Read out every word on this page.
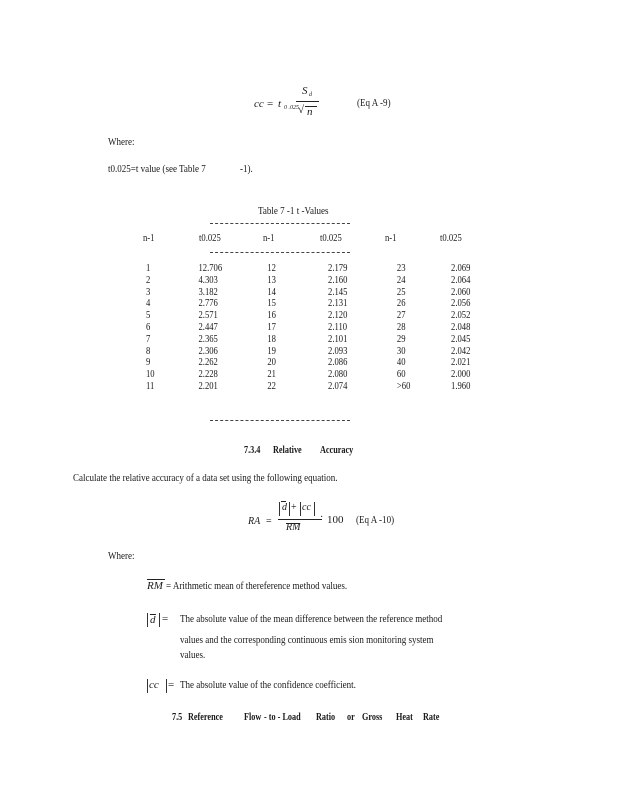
cc = t 0 .025
S d
√ n
(Eq A -9)
Where:
t0.025=t value (see Table 7	-1).
Table 7 -1 t -Values
n-1	t0.025	n-1	t0.025	n-1	t0.025
1	12.706	12	2.179	23	2.069
2	4.303	13	2.160	24	2.064
3	3.182	14	2.145	25	2.060
4	2.776	15	2.131	26	2.056
5	2.571	16	2.120	27	2.052
6	2.447	17	2.110	28	2.048
7	2.365	18	2.101	29	2.045
8	2.306	19	2.093	30	2.042
9	2.262	20	2.086	40	2.021
10	2.228	21	2.080	60	2.000
11	2.201	22	2.074	>60	1.960
7.3.4 Relative Accuracy
Calculate the relative accuracy of a data set using the following equation.
RA =
d + cc
RM
· 100 (Eq A -10)
Where:
RM = Arithmetic mean of thereference method values.
d = The absolute value of the mean difference between the reference method
values and the corresponding continuous emis sion monitoring system
values.
cc = The absolute value of the confidence coefficient.
7.5 Reference Flow - to - Load Ratio or Gross Heat Rate
